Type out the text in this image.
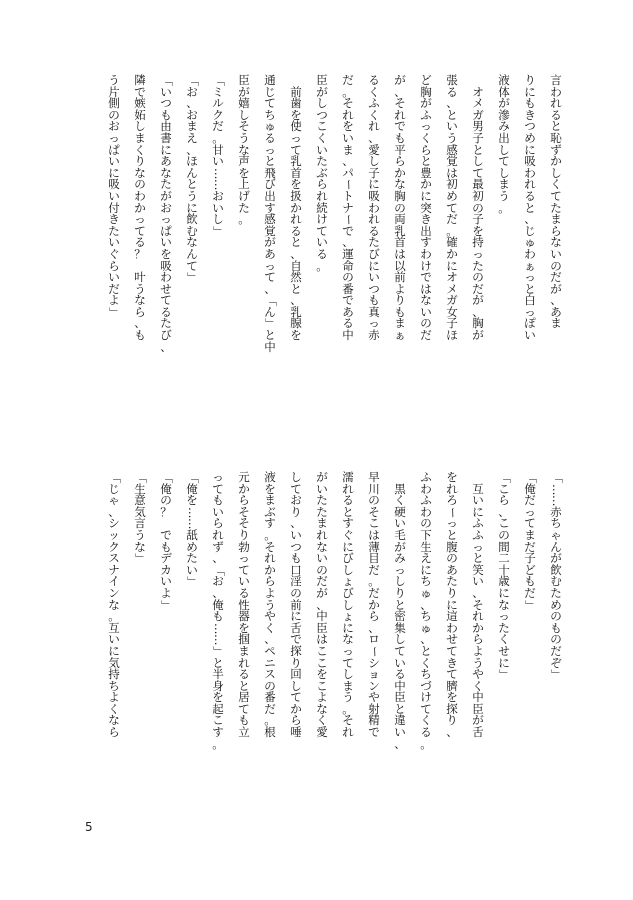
言
わ
れ
る
と
恥
ず
か
し
く
て
た
ま
ら
な
い
の
だ
が
、
あ
ま
り
に
も
き
つ
め
に
吸
わ
れ
る
と
、
じ
ゅ
わ
ぁ
っ
と
白
っ
ぽ
い
液
体
が
滲
み
出
し
て
し
ま
う
。

オ
メ
ガ
男
子
と
し
て
最
初
の
子
を
持
っ
た
の
だ
が
、
胸
が
張
る
、
と
い
う
感
覚
は
初
め
て
だ
。
確
か
に
オ
メ
ガ
女
子
ほ
ど
胸
が
ふ
っ
く
ら
と
豊
か
に
突
き
出
す
わ
け
で
は
な
い
の
だ
が
、
そ
れ
で
も
平
ら
か
な
胸
の
両
乳
首
は
以
前
よ
り
も
ま
ぁ
る
く
ふ
く
れ
、
愛
し
子
に
吸
わ
れ
る
た
び
に
い
つ
も
真
っ
赤
だ
。
そ
れ
を
い
ま
、
パ
ー
ト
ナ
ー
で
、
運
命
の
番
で
あ
る
中
臣
が
し
つ
こ
く
い
た
ぶ
ら
れ
続
け
て
い
る
。

前
歯
を
使
っ
て
乳
首
を
扱
か
れ
る
と
、
自
然
と
、
乳
腺
を
通
じ
て
ち
ゅ
る
っ
と
飛
び
出
す
感
覚
が
あ
っ
て
、
「
ん
」
と
中
臣
が
嬉
し
そ
う
な
声
を
上
げ
た
。
「
ミ
ル
ク
だ
。
甘
い
…
…
お
い
し
」
「
お
、
お
ま
え
、
ほ
ん
と
う
に
飲
む
な
ん
て
」
「
い
つ
も
由
書
に
あ
な
た
が
お
っ
ぱ
い
を
吸
わ
せ
て
る
た
び
、
隣
で
嫉
妬
し
ま
く
り
な
の
わ
か
っ
て
る
？

叶
う
な
ら
、
も
う
片
側
の
お
っ
ぱ
い
に
吸
い
付
き
た
い
ぐ
ら
い
だ
よ
」
「
…
…
赤
ち
ゃ
ん
が
飲
む
た
め
の
も
の
だ
ぞ
」
「
俺
だ
っ
て
ま
だ
子
ど
も
だ
」
「
こ
ら
、
こ
の
間
二
十
歳
に
な
っ
た
く
せ
に
」

互
い
に
ふ
ふ
っ
と
笑
い
、
そ
れ
か
ら
よ
う
や
く
中
臣
が
舌
を
れ
ろ
ー
っ
と
腹
の
あ
た
り
に
這
わ
せ
て
き
て
臍
を
探
り
、
ふ
わ
ふ
わ
の
下
生
え
に
ち
ゅ
、
ち
ゅ
、
と
く
ち
づ
け
て
く
る
。

黒
く
硬
い
毛
が
み
っ
し
り
と
密
集
し
て
い
る
中
臣
と
違
い
、
早
川
の
そ
こ
は
薄
目
だ
。
だ
か
ら
、
ロ
ー
シ
ョ
ン
や
射
精
で
濡
れ
る
と
す
ぐ
に
び
し
ょ
び
し
ょ
に
な
っ
て
し
ま
う
。
そ
れ
が
い
た
た
ま
れ
な
い
の
だ
が
、
中
臣
は
こ
こ
を
こ
よ
な
く
愛
し
て
お
り
、
い
つ
も
口
淫
の
前
に
舌
で
探
り
回
し
て
か
ら
唾
液
を
ま
ぶ
す
。
そ
れ
か
ら
よ
う
や
く
、
ペ
ニ
ス
の
番
だ
。
根
元
か
ら
そ
そ
り
勃
っ
て
い
る
性
器
を
掴
ま
れ
る
と
居
て
も
立
っ
て
も
い
ら
れ
ず
、
「
お
、
俺
も
…
…
」
と
半
身
を
起
こ
す
。
「
俺
を
…
…
舐
め
た
い
」
「
俺
の
？

で
も
デ
カ
い
よ
」
「
生
意
気
言
う
な
」
「
じ
ゃ
、
シ
ッ
ク
ス
ナ
イ
ン
な
。
互
い
に
気
持
ち
よ
く
な
ら
5
